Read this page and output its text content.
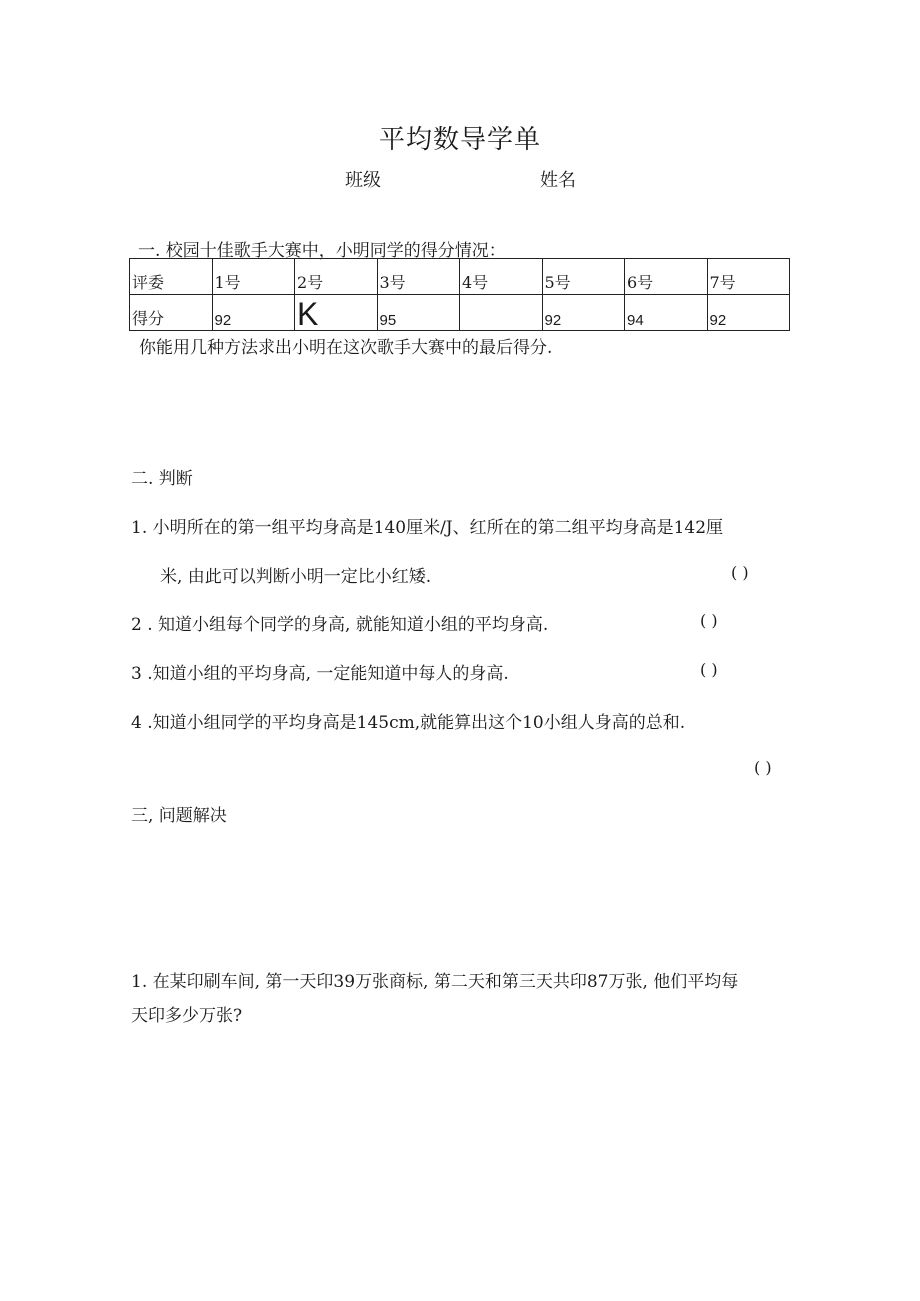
平均数导学单
班级	姓名
一. 校园十佳歌手大赛中，小明同学的得分情况：
评委	1号	2号	3号	4号	5号	6号	7号
得分	92	K	95		92	94	92
你能用几种方法求出小明在这次歌手大赛中的最后得分.
二. 判断
1. 小明所在的第一组平均身高是140厘米/J、红所在的第二组平均身高是142厘
米, 由此可以判断小明一定比小红矮.	( )
2 . 知道小组每个同学的身高, 就能知道小组的平均身高.	( )
3 .知道小组的平均身高, 一定能知道中每人的身高.	( )
4 .知道小组同学的平均身高是145cm,就能算出这个10小组人身高的总和.
( )
三, 问题解决
1. 在某印刷车间, 第一天印39万张商标, 第二天和第三天共印87万张, 他们平均每
天印多少万张?
